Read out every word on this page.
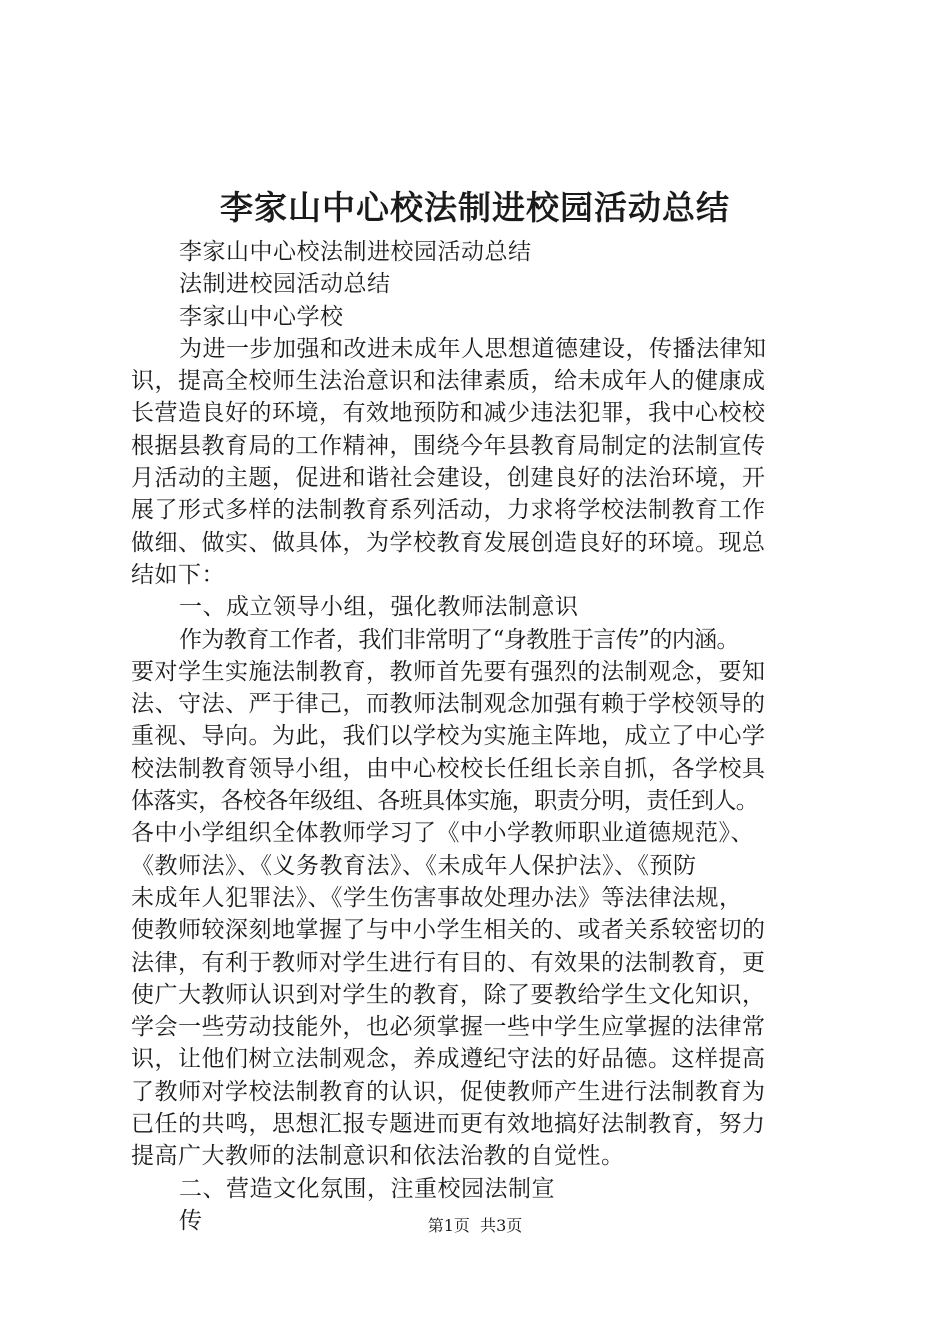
李家山中心校法制进校园活动总结

李家山中心校法制进校园活动总结

法制进校园活动总结

李家山中心学校

为进一步加强和改进未成年人思想道德建设，传播法律知

识，提高全校师生法治意识和法律素质，给未成年人的健康成

长营造良好的环境，有效地预防和减少违法犯罪，我中心校校

根据县教育局的工作精神，围绕今年县教育局制定的法制宣传

月活动的主题，促进和谐社会建设，创建良好的法治环境，开

展了形式多样的法制教育系列活动，力求将学校法制教育工作

做细、做实、做具体，为学校教育发展创造良好的环境。现总

结如下：

一、成立领导小组，强化教师法制意识

作为教育工作者，我们非常明了“身教胜于言传”的内涵。

要对学生实施法制教育，教师首先要有强烈的法制观念，要知

法、守法、严于律己，而教师法制观念加强有赖于学校领导的

重视、导向。为此，我们以学校为实施主阵地，成立了中心学

校法制教育领导小组，由中心校校长任组长亲自抓，各学校具

体落实，各校各年级组、各班具体实施，职责分明，责任到人。

各中小学组织全体教师学习了《中小学教师职业道德规范》、

《教师法》、《义务教育法》、《未成年人保护法》、《预防

未成年人犯罪法》、《学生伤害事故处理办法》等法律法规，

使教师较深刻地掌握了与中小学生相关的、或者关系较密切的

法律，有利于教师对学生进行有目的、有效果的法制教育，更

使广大教师认识到对学生的教育，除了要教给学生文化知识，

学会一些劳动技能外，也必须掌握一些中学生应掌握的法律常

识，让他们树立法制观念，养成遵纪守法的好品德。这样提高

了教师对学校法制教育的认识，促使教师产生进行法制教育为

已任的共鸣，思想汇报专题进而更有效地搞好法制教育，努力

提高广大教师的法制意识和依法治教的自觉性。

二、营造文化氛围，注重校园法制宣

传	第1页  共3页
